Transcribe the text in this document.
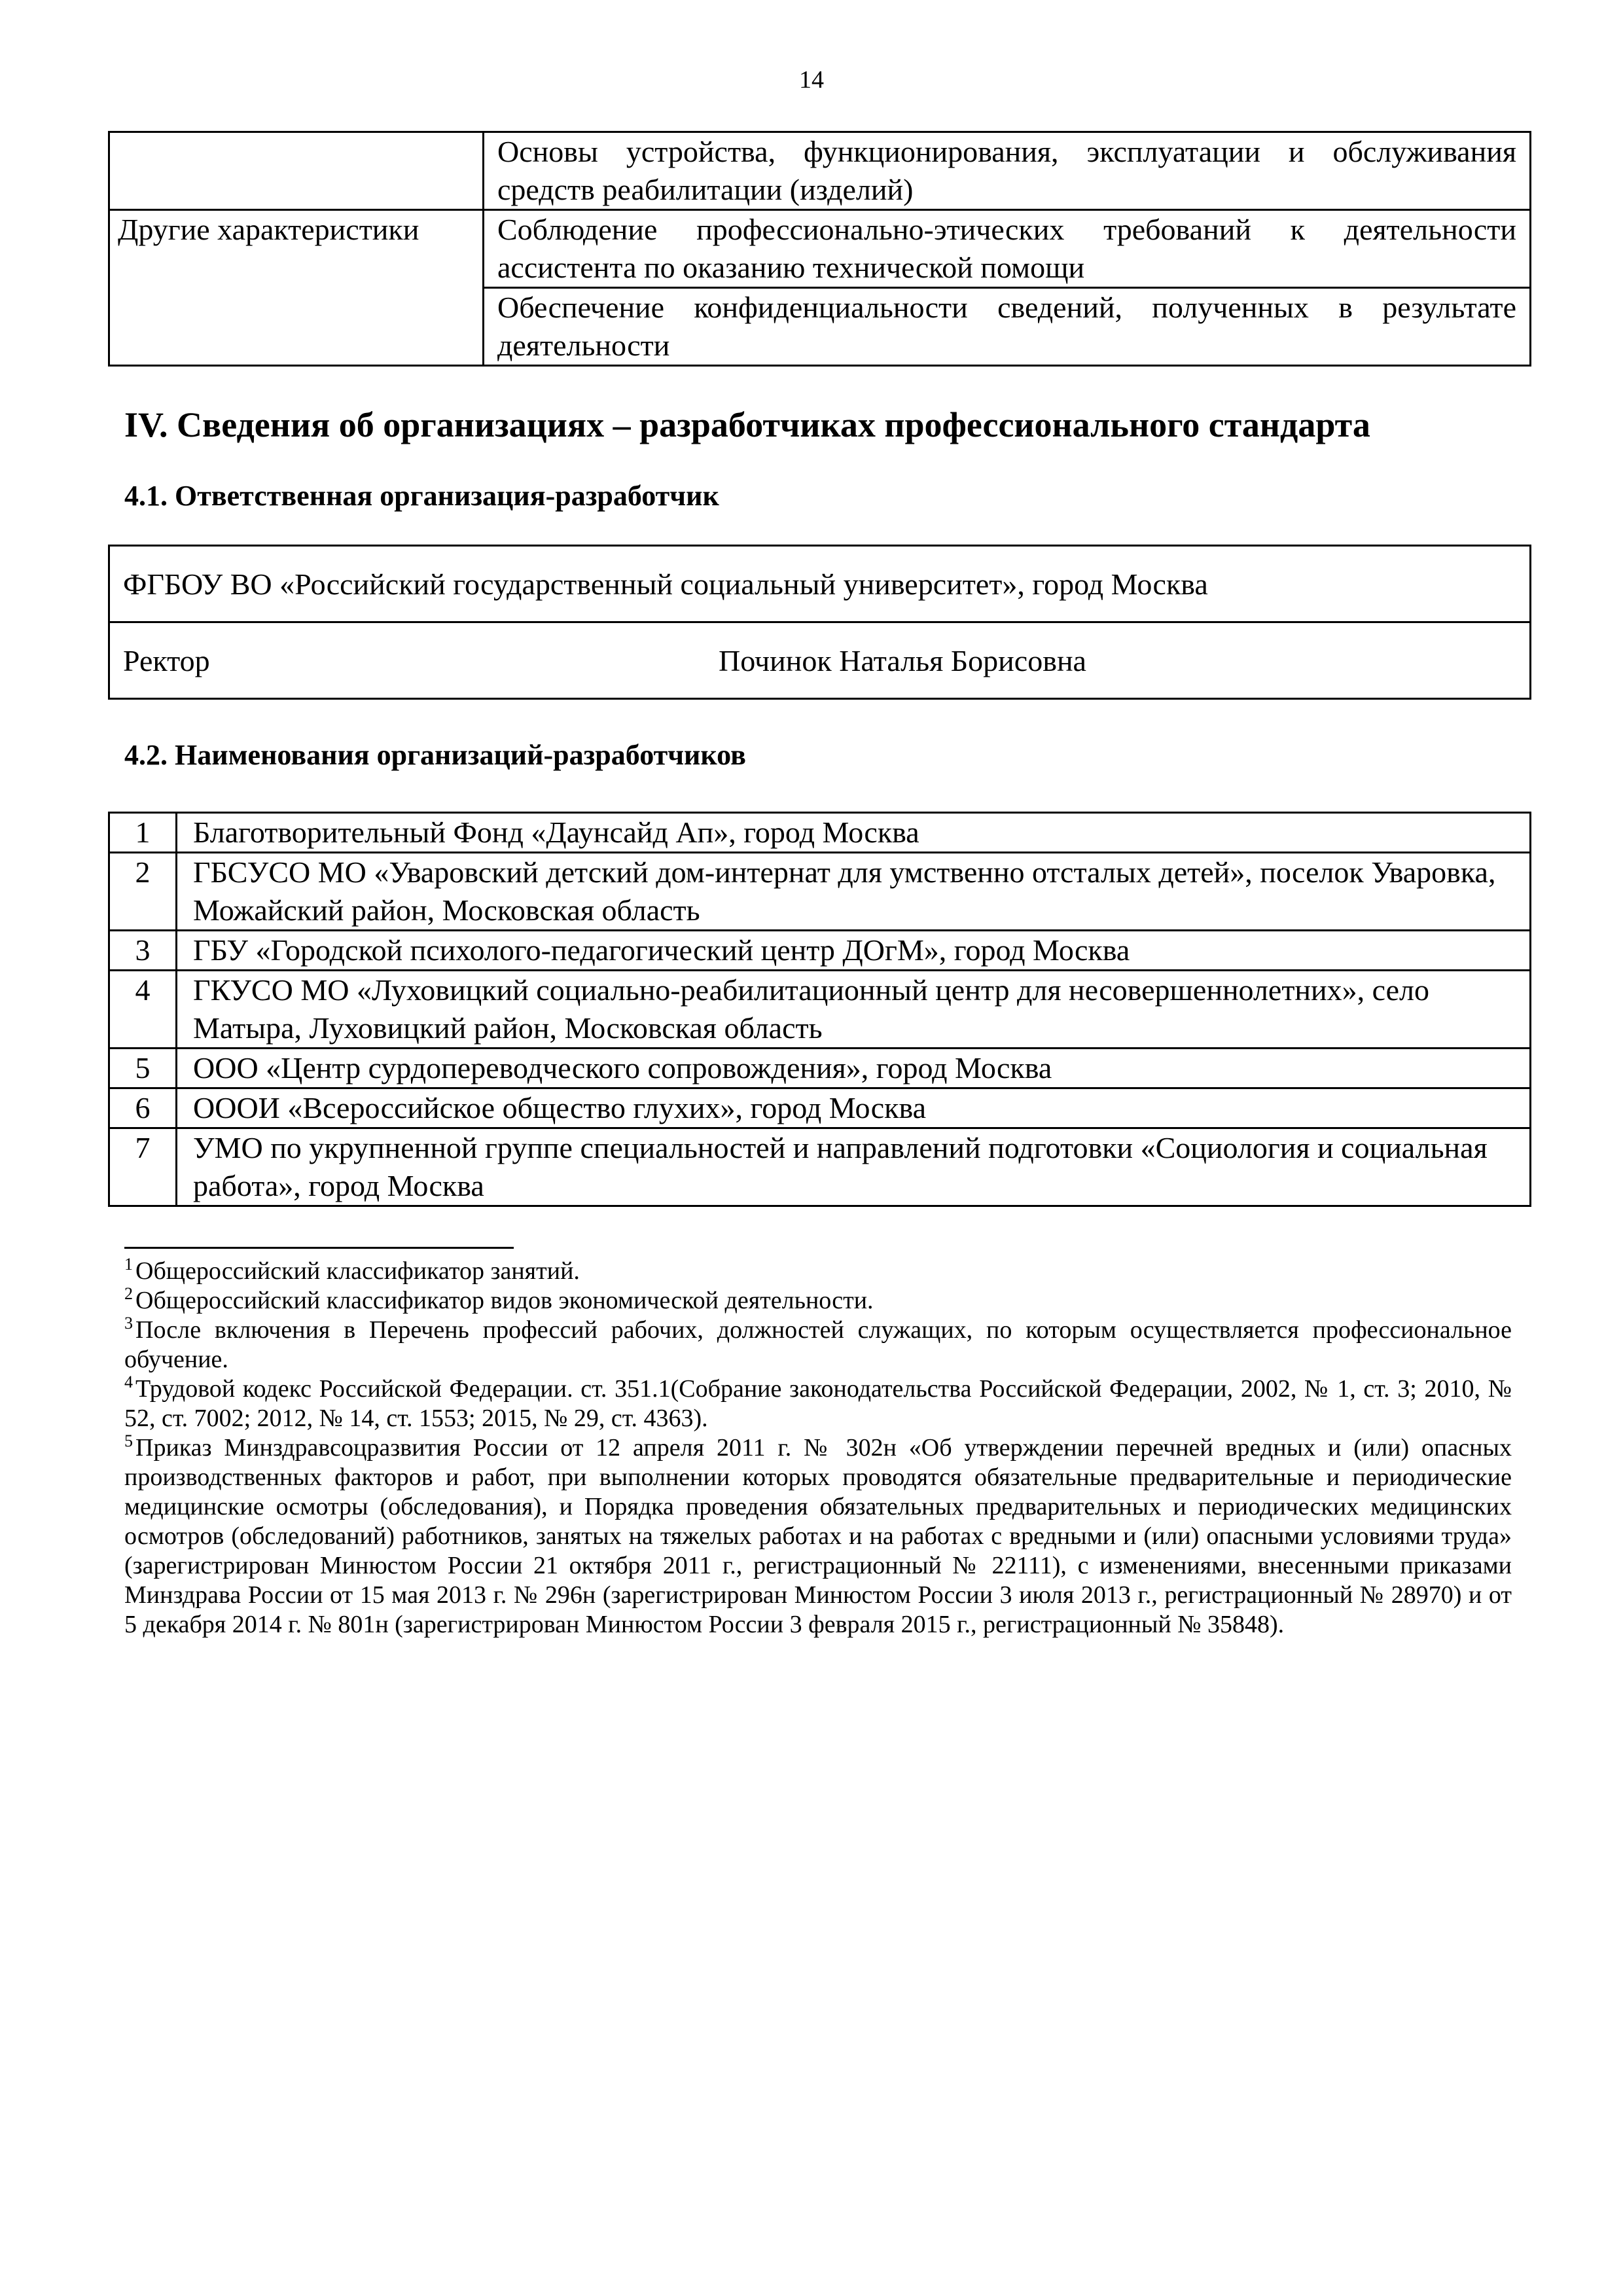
14
	Основы устройства, функционирования, эксплуатации и обслуживания средств реабилитации (изделий)
Другие характеристики	Соблюдение профессионально-этических требований к деятельности ассистента по оказанию технической помощи
	Обеспечение конфиденциальности сведений, полученных в результате деятельности
IV. Сведения об организациях – разработчиках профессионального стандарта
4.1. Ответственная организация-разработчик
ФГБОУ ВО «Российский государственный социальный университет», город Москва

Ректор	Починок Наталья Борисовна
4.2. Наименования организаций-разработчиков
1	Благотворительный Фонд «Даунсайд Ап», город Москва
2	ГБСУСО МО «Уваровский детский дом-интернат для умственно отсталых детей», поселок Уваровка, Можайский район, Московская область
3	ГБУ «Городской психолого-педагогический центр ДОгМ», город Москва
4	ГКУСО МО «Луховицкий социально-реабилитационный центр для несовершеннолетних», село Матыра, Луховицкий район, Московская область
5	ООО «Центр сурдопереводческого сопровождения», город Москва
6	ОООИ «Всероссийское общество глухих», город Москва
7	УМО по укрупненной группе специальностей и направлений подготовки «Социология и социальная работа», город Москва

$^1$ Общероссийский классификатор занятий.

$^2$ Общероссийский классификатор видов экономической деятельности.

$^3$ После включения в Перечень профессий рабочих, должностей служащих, по которым осуществляется профессиональное обучение.

$^4$ Трудовой кодекс Российской Федерации. ст. 351.1(Собрание законодательства Российской Федерации, 2002, № 1, ст. 3; 2010, № 52, ст. 7002; 2012, № 14, ст. 1553; 2015, № 29, ст. 4363).

$^5$ Приказ Минздравсоцразвития России от 12 апреля 2011 г. № 302н «Об утверждении перечней вредных и (или) опасных производственных факторов и работ, при выполнении которых проводятся обязательные предварительные и периодические медицинские осмотры (обследования), и Порядка проведения обязательных предварительных и периодических медицинских осмотров (обследований) работников, занятых на тяжелых работах и на работах с вредными и (или) опасными условиями труда» (зарегистрирован Минюстом России 21 октября 2011 г., регистрационный № 22111), с изменениями, внесенными приказами Минздрава России от 15 мая 2013 г. № 296н (зарегистрирован Минюстом России 3 июля 2013 г., регистрационный № 28970) и от 5 декабря 2014 г. № 801н (зарегистрирован Минюстом России 3 февраля 2015 г., регистрационный № 35848).
